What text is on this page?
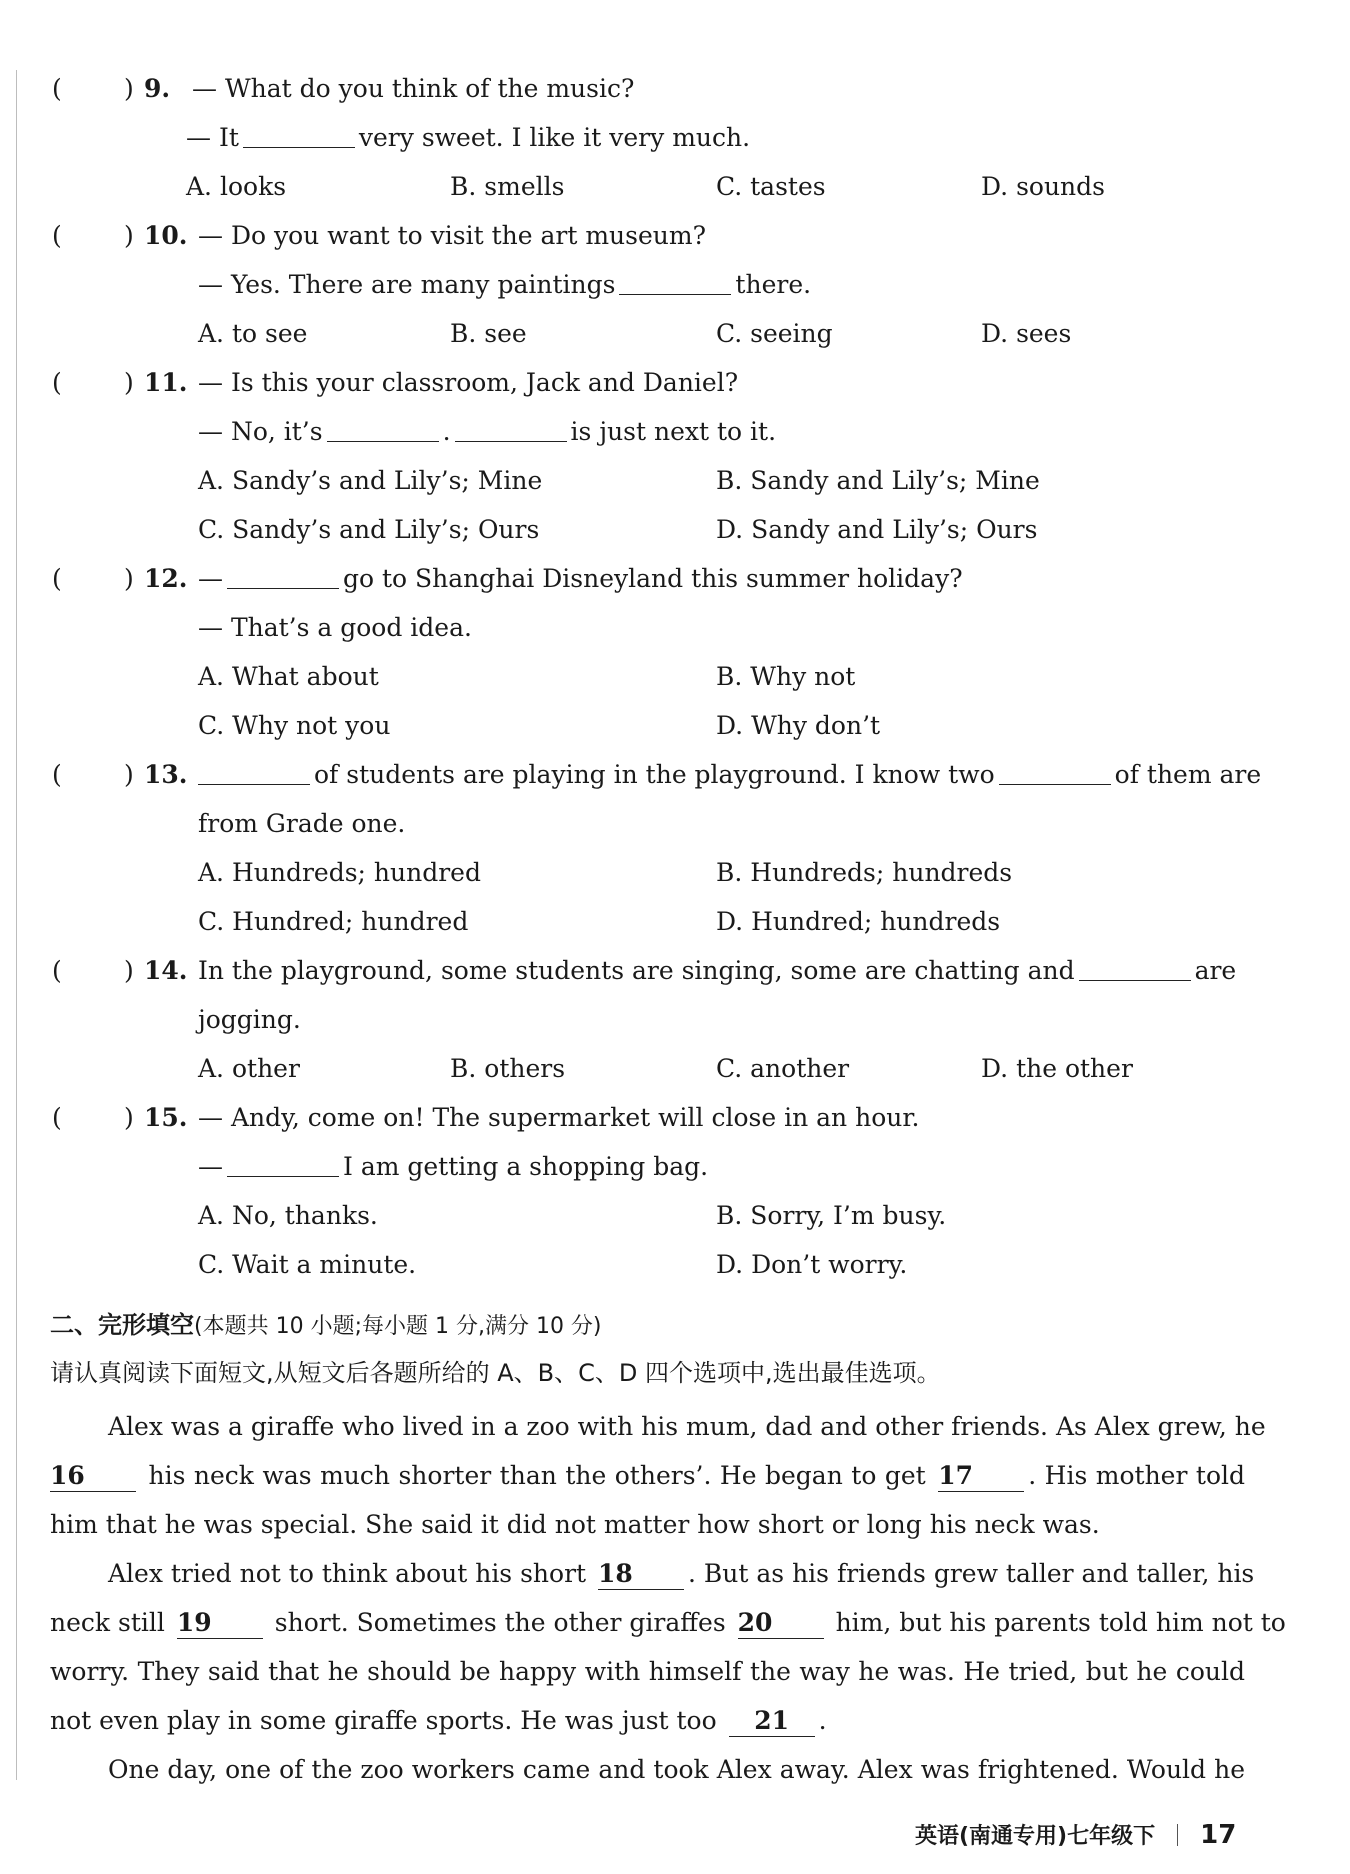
( ) 9. — What do you think of the music?
— It	very sweet. I like it very much.
A. looks	B. smells	C. tastes	D. sounds
( ) 10. — Do you want to visit the art museum?
— Yes. There are many paintings	there.
A. to see	B. see	C. seeing	D. sees
( ) 11. — Is this your classroom, Jack and Daniel?
— No, it’s	.	is just next to it.
A. Sandy’s and Lily’s; Mine	B. Sandy and Lily’s; Mine
C. Sandy’s and Lily’s; Ours	D. Sandy and Lily’s; Ours
( ) 12. —	go to Shanghai Disneyland this summer holiday?
— That’s a good idea.
A. What about	B. Why not
C. Why not you	D. Why don’t
( ) 13.	of students are playing in the playground. I know two	of them are
from Grade one.
A. Hundreds; hundred	B. Hundreds; hundreds
C. Hundred; hundred	D. Hundred; hundreds
( ) 14. In the playground, some students are singing, some are chatting and	are
jogging.
A. other	B. others	C. another	D. the other
( ) 15. — Andy, come on! The supermarket will close in an hour.
—	I am getting a shopping bag.
A. No, thanks.	B. Sorry, I’m busy.
C. Wait a minute.	D. Don’t worry.
二、完形填空(本题共 10 小题;每小题 1 分,满分 10 分)
请认真阅读下面短文,从短文后各题所给的 A、B、C、D 四个选项中,选出最佳选项。
Alex was a giraffe who lived in a zoo with his mum, dad and other friends. As Alex grew, he
16	his neck was much shorter than the others’. He began to get 17 . His mother told
him that he was special. She said it did not matter how short or long his neck was.
Alex tried not to think about his short 18 . But as his friends grew taller and taller, his
neck still 19	short. Sometimes the other giraffes 20	him, but his parents told him not to
worry. They said that he should be happy with himself the way he was. He tried, but he could
not even play in some giraffe sports. He was just too 21 .
One day, one of the zoo workers came and took Alex away. Alex was frightened. Would he
英语(南通专用)七年级下 17
